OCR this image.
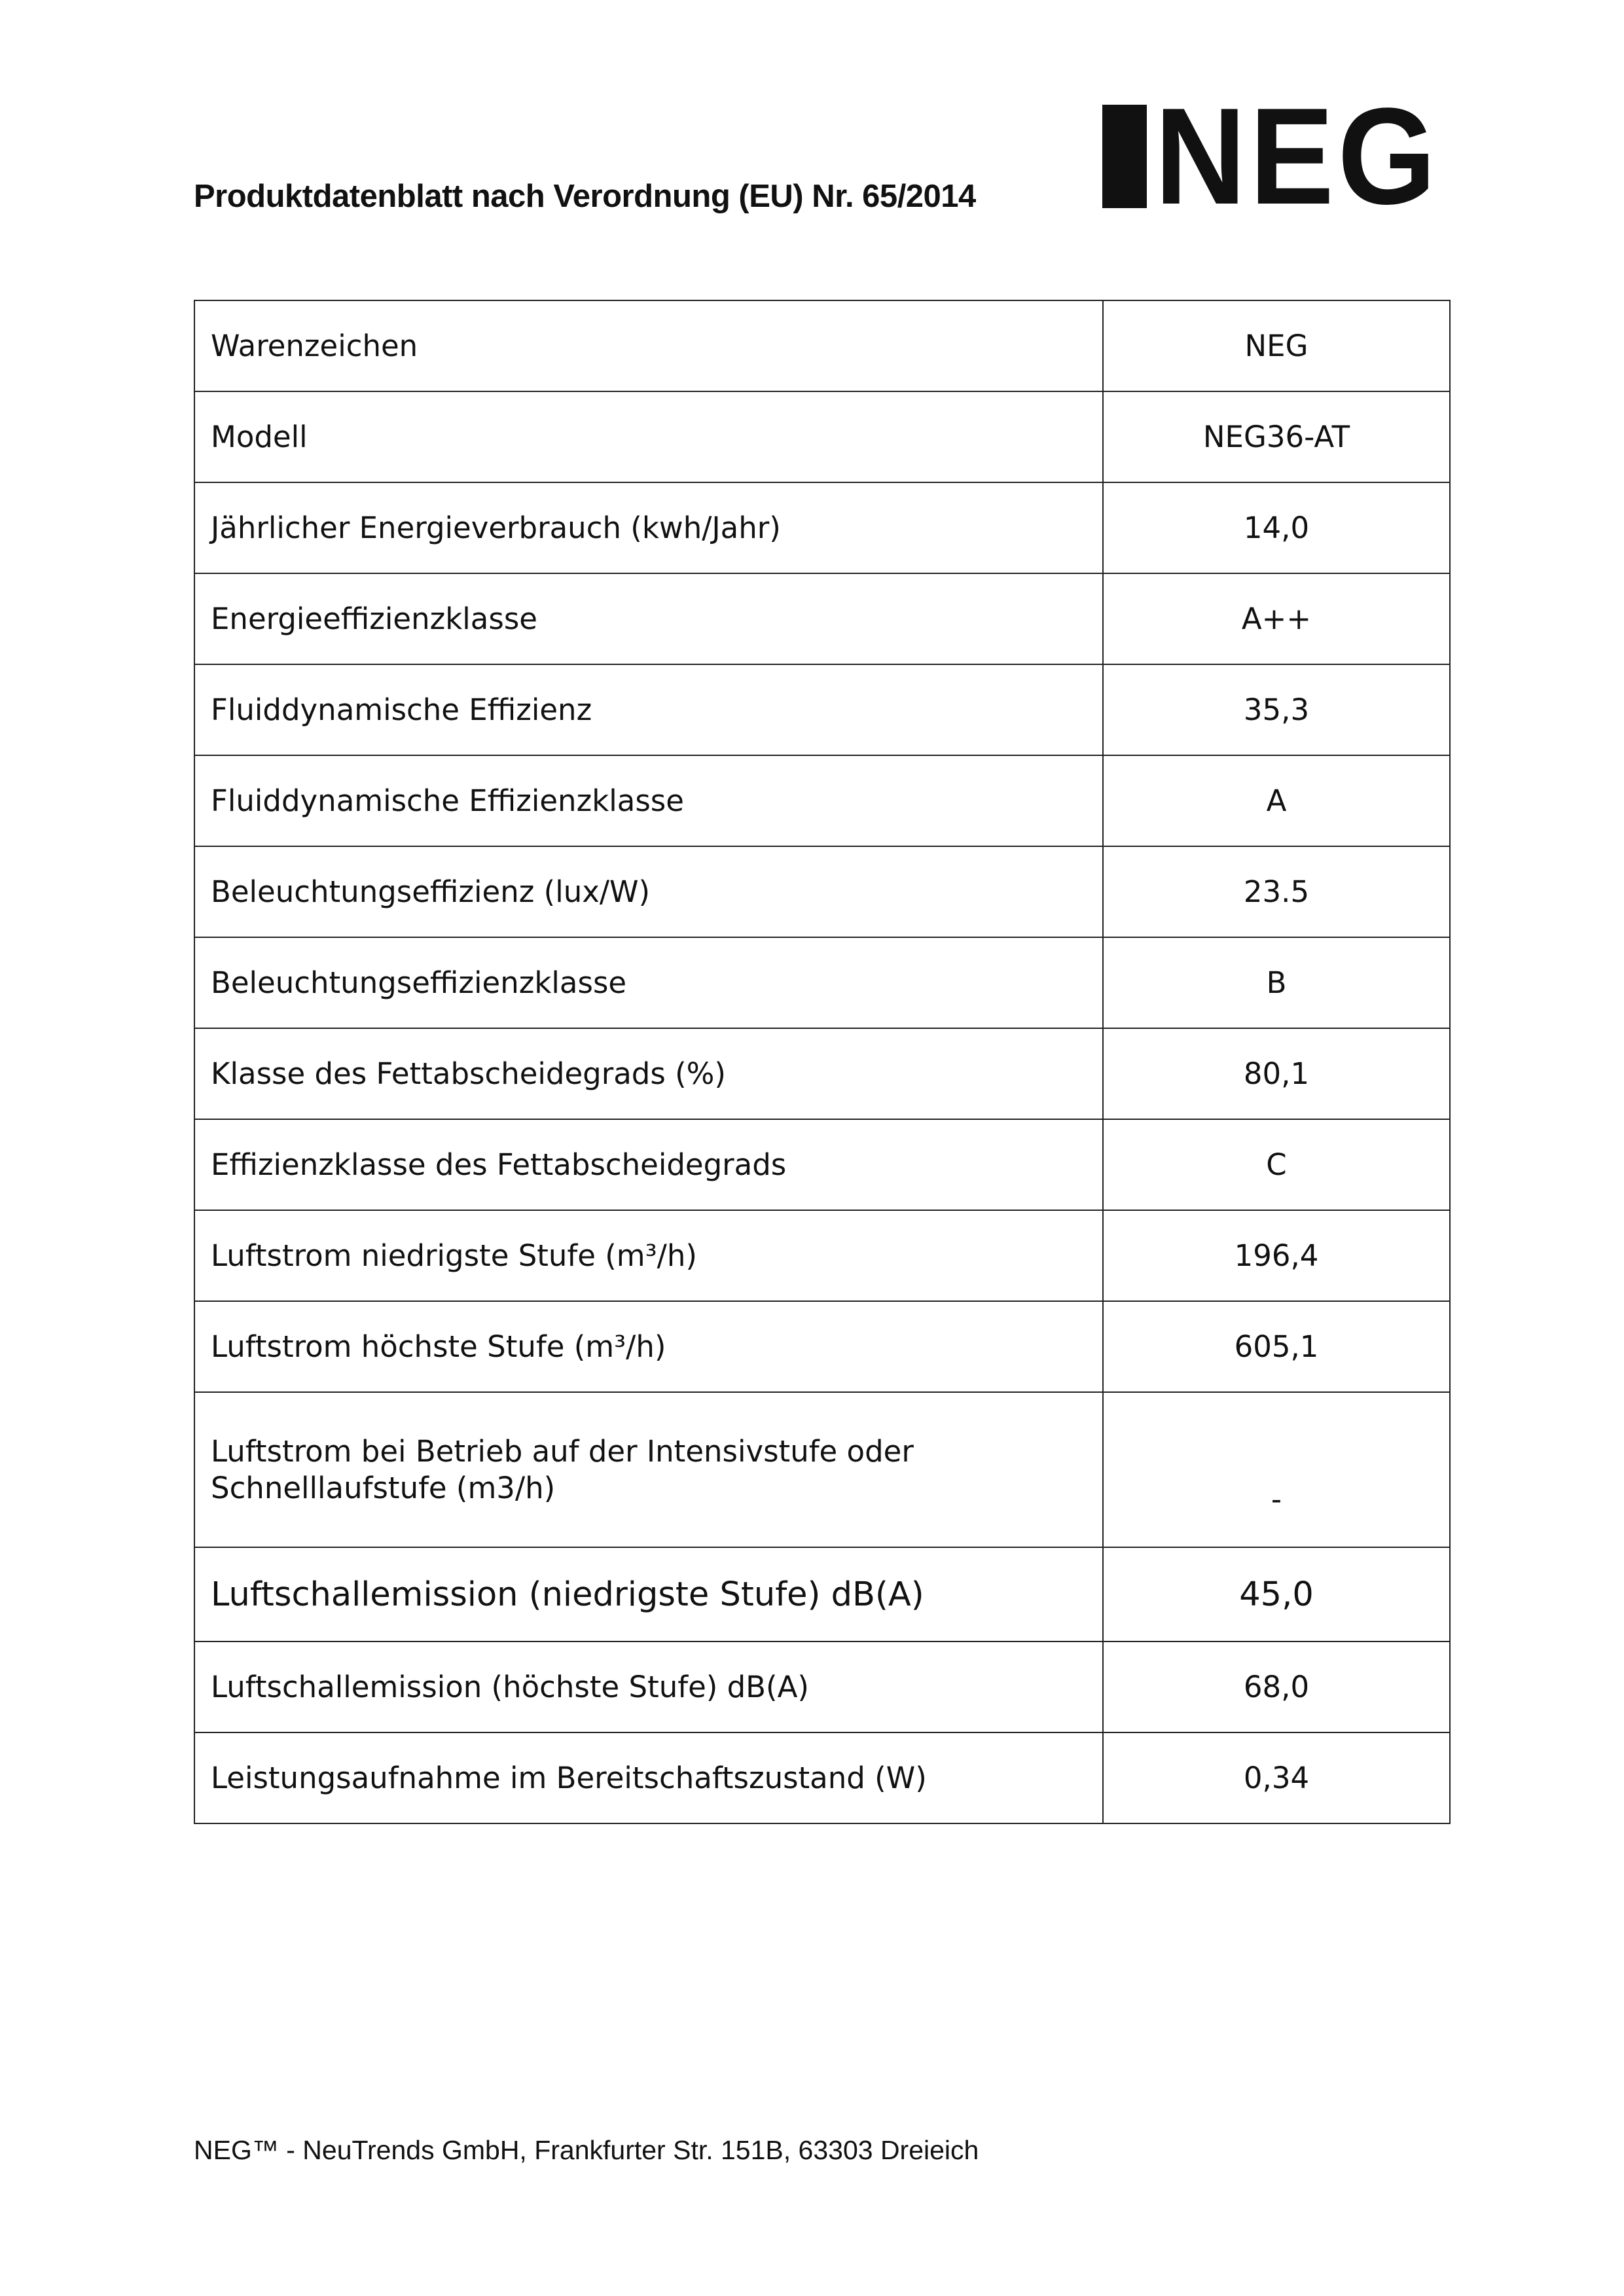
Produktdatenblatt nach Verordnung (EU) Nr. 65/2014 NEG
Warenzeichen	NEG
Modell	NEG36-AT
Jährlicher Energieverbrauch (kwh/Jahr)	14,0
Energieeffizienzklasse	A++
Fluiddynamische Effizienz	35,3
Fluiddynamische Effizienzklasse	A
Beleuchtungseffizienz (lux/W)	23.5
Beleuchtungseffizienzklasse	B
Klasse des Fettabscheidegrads (%)	80,1
Effizienzklasse des Fettabscheidegrads	C
Luftstrom niedrigste Stufe (m³/h)	196,4
Luftstrom höchste Stufe (m³/h)	605,1

Luftstrom bei Betrieb auf der Intensivstufe oder
Schnelllaufstufe (m3/h)	-
Luftschallemission (niedrigste Stufe) dB(A)	45,0
Luftschallemission (höchste Stufe) dB(A)	68,0
Leistungsaufnahme im Bereitschaftszustand (W)	0,34
NEG™ - NeuTrends GmbH, Frankfurter Str. 151B, 63303 Dreieich
